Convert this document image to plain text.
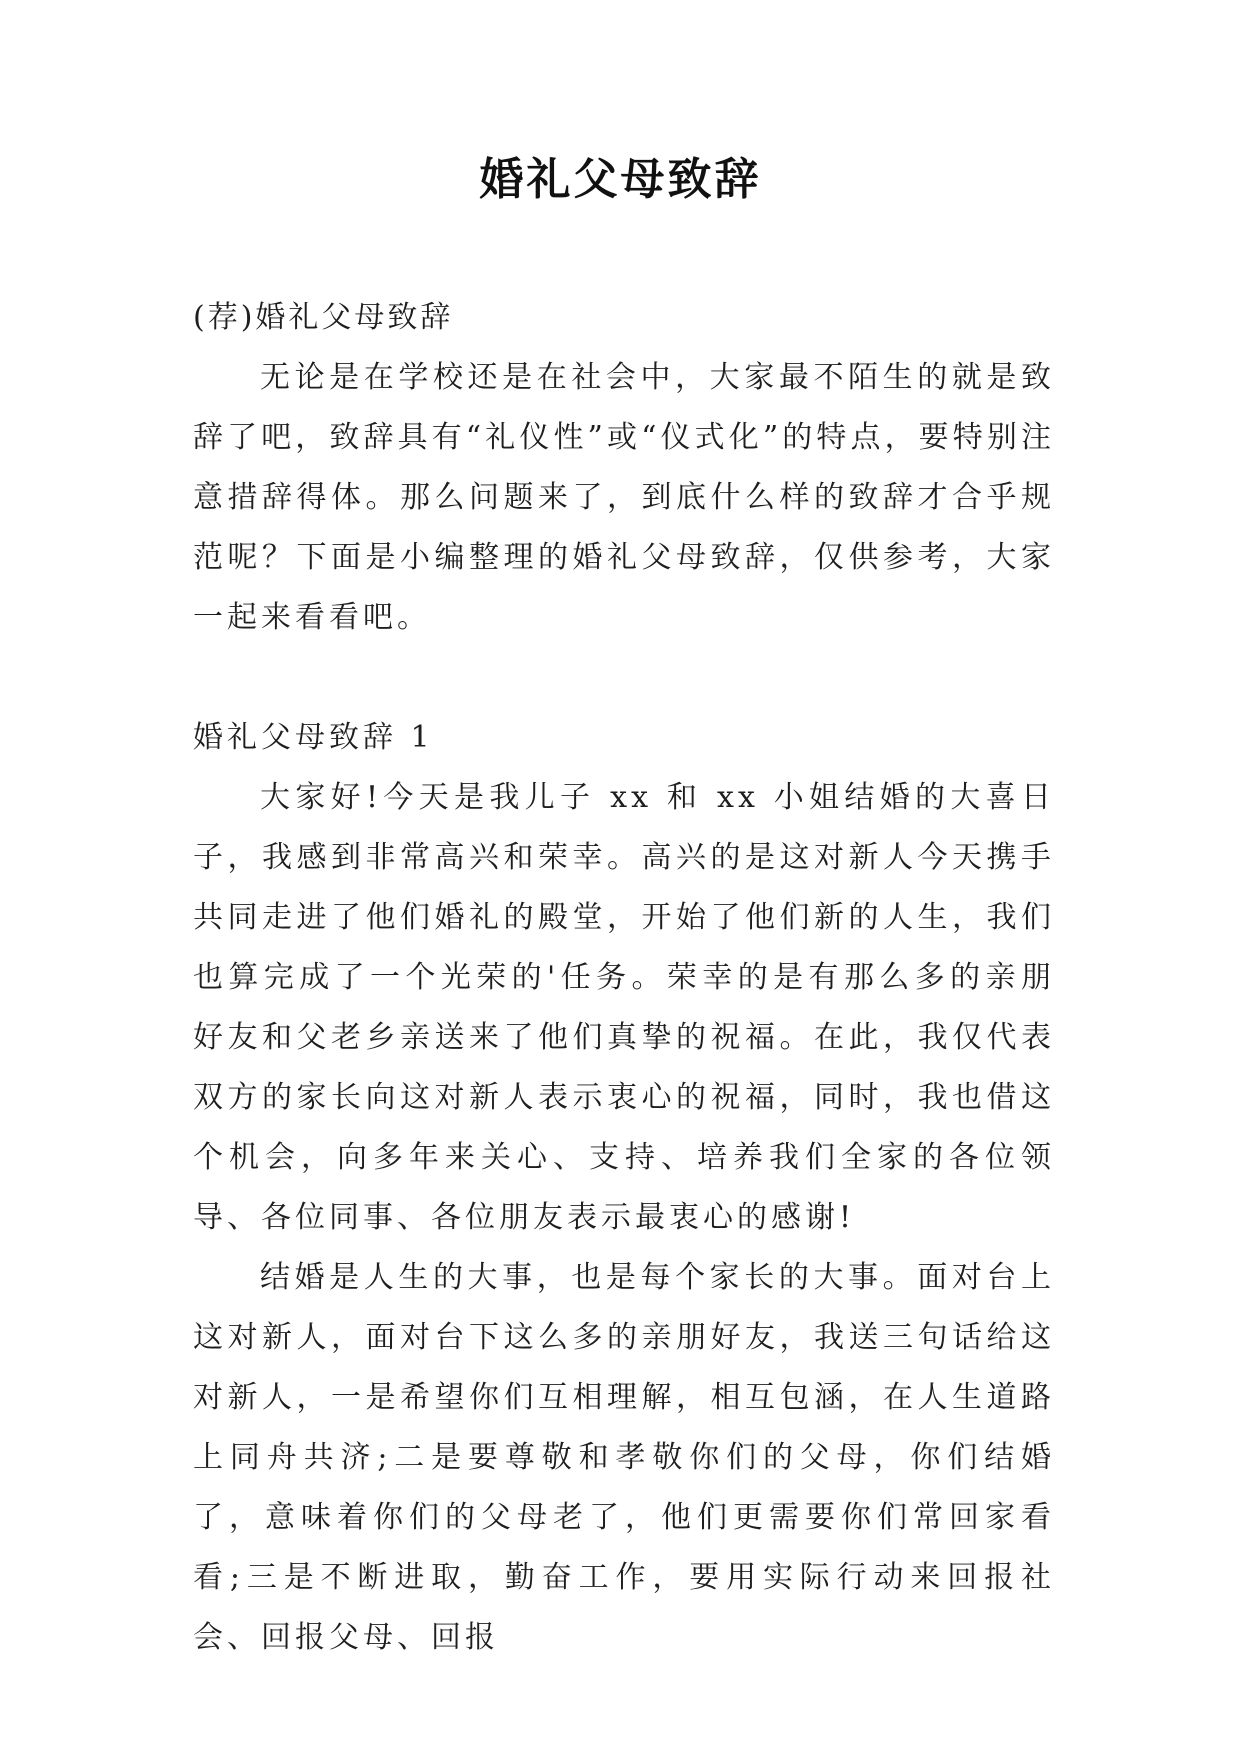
婚礼父母致辞

(荐)婚礼父母致辞

无论是在学校还是在社会中，大家最不陌生的就是致辞了吧，致辞具有“礼仪性”或“仪式化”的特点，要特别注意措辞得体。那么问题来了，到底什么样的致辞才合乎规范呢？下面是小编整理的婚礼父母致辞，仅供参考，大家一起来看看吧。

婚礼父母致辞 1

大家好!今天是我儿子 xx 和 xx 小姐结婚的大喜日子，我感到非常高兴和荣幸。高兴的是这对新人今天携手共同走进了他们婚礼的殿堂，开始了他们新的人生，我们也算完成了一个光荣的'任务。荣幸的是有那么多的亲朋好友和父老乡亲送来了他们真挚的祝福。在此，我仅代表双方的家长向这对新人表示衷心的祝福，同时，我也借这个机会，向多年来关心、支持、培养我们全家的各位领导、各位同事、各位朋友表示最衷心的感谢!

结婚是人生的大事，也是每个家长的大事。面对台上这对新人，面对台下这么多的亲朋好友，我送三句话给这对新人，一是希望你们互相理解，相互包涵，在人生道路上同舟共济;二是要尊敬和孝敬你们的父母，你们结婚了，意味着你们的父母老了，他们更需要你们常回家看看;三是不断进取，勤奋工作，要用实际行动来回报社会、回报父母、回报
